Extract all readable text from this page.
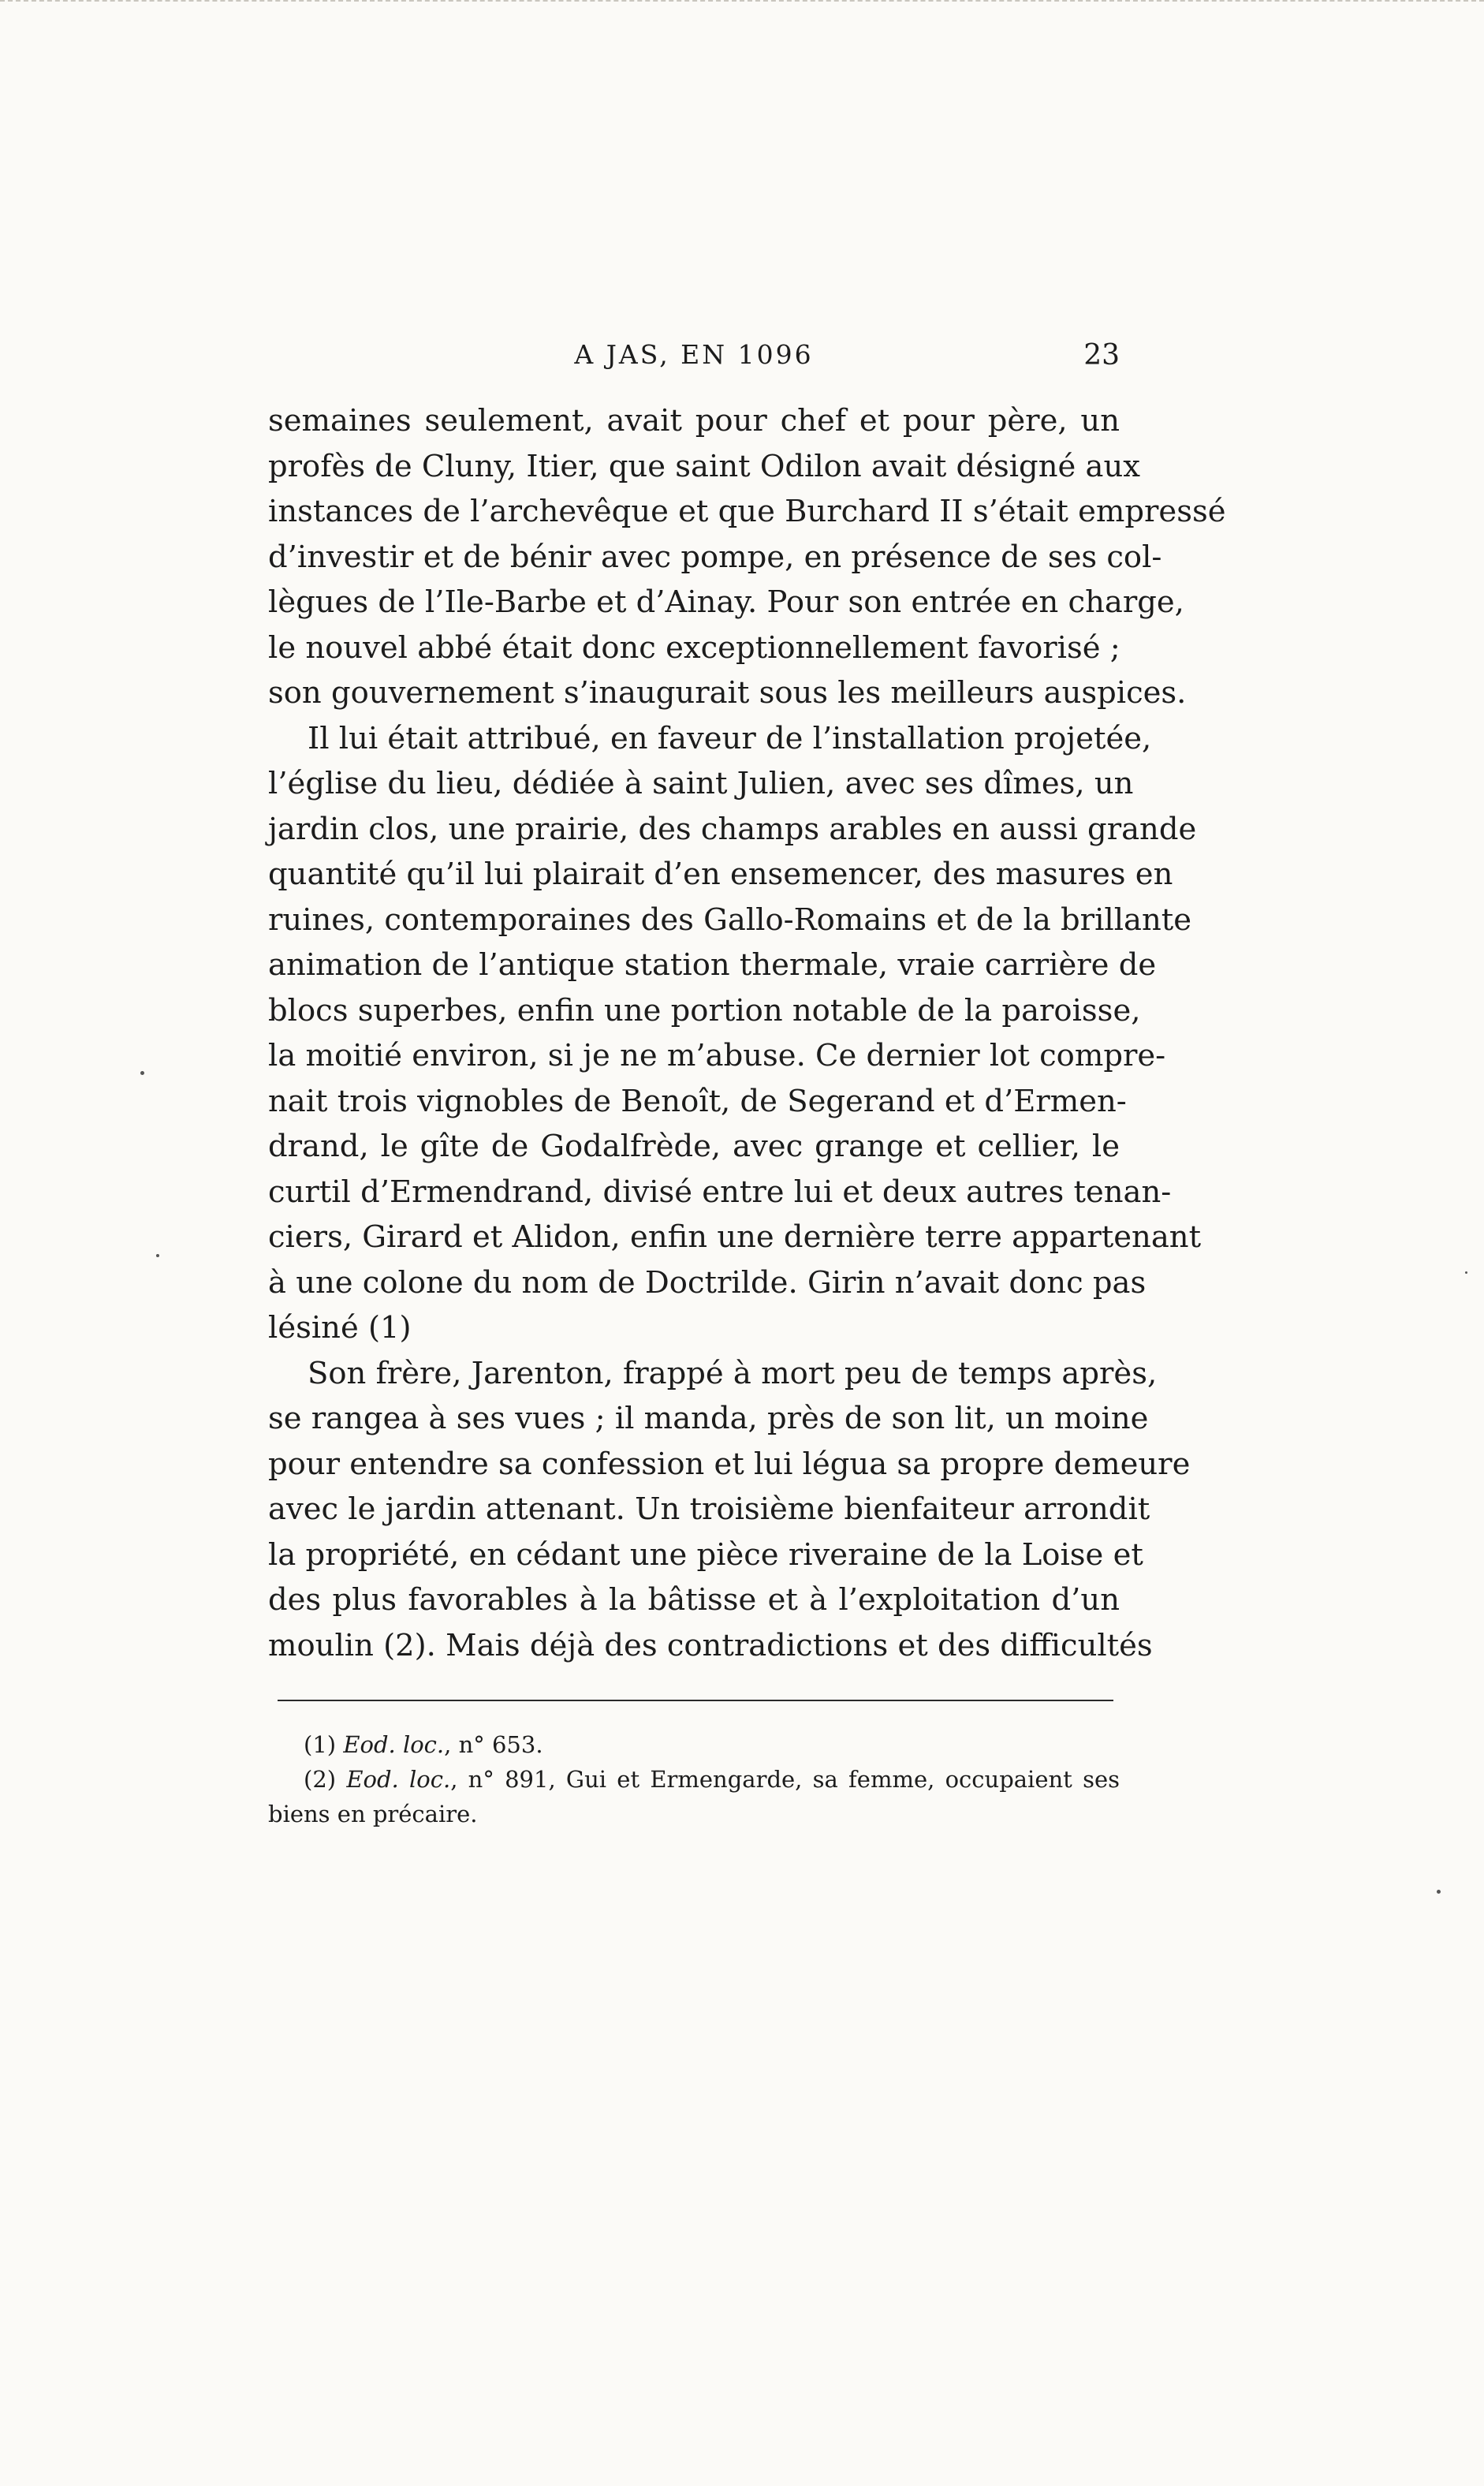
A JAS, EN 1096	23
semaines seulement, avait pour chef et pour père, un
profès de Cluny, Itier, que saint Odilon avait désigné aux
instances de l’archevêque et que Burchard II s’était empressé
d’investir et de bénir avec pompe, en présence de ses col-
lègues de l’Ile-Barbe et d’Ainay. Pour son entrée en charge,
le nouvel abbé était donc exceptionnellement favorisé ;
son gouvernement s’inaugurait sous les meilleurs auspices.
Il lui était attribué, en faveur de l’installation projetée,
l’église du lieu, dédiée à saint Julien, avec ses dîmes, un
jardin clos, une prairie, des champs arables en aussi grande
quantité qu’il lui plairait d’en ensemencer, des masures en
ruines, contemporaines des Gallo-Romains et de la brillante
animation de l’antique station thermale, vraie carrière de
blocs superbes, enfin une portion notable de la paroisse,
la moitié environ, si je ne m’abuse. Ce dernier lot compre-
nait trois vignobles de Benoît, de Segerand et d’Ermen-
drand, le gîte de Godalfrède, avec grange et cellier, le
curtil d’Ermendrand, divisé entre lui et deux autres tenan-
ciers, Girard et Alidon, enfin une dernière terre appartenant
à une colone du nom de Doctrilde. Girin n’avait donc pas
lésiné (1)
Son frère, Jarenton, frappé à mort peu de temps après,
se rangea à ses vues ; il manda, près de son lit, un moine
pour entendre sa confession et lui légua sa propre demeure
avec le jardin attenant. Un troisième bienfaiteur arrondit
la propriété, en cédant une pièce riveraine de la Loise et
des plus favorables à la bâtisse et à l’exploitation d’un
moulin (2). Mais déjà des contradictions et des difficultés
(1) Eod. loc., n° 653.
(2) Eod. loc., n° 891, Gui et Ermengarde, sa femme, occupaient ses
biens en précaire.
